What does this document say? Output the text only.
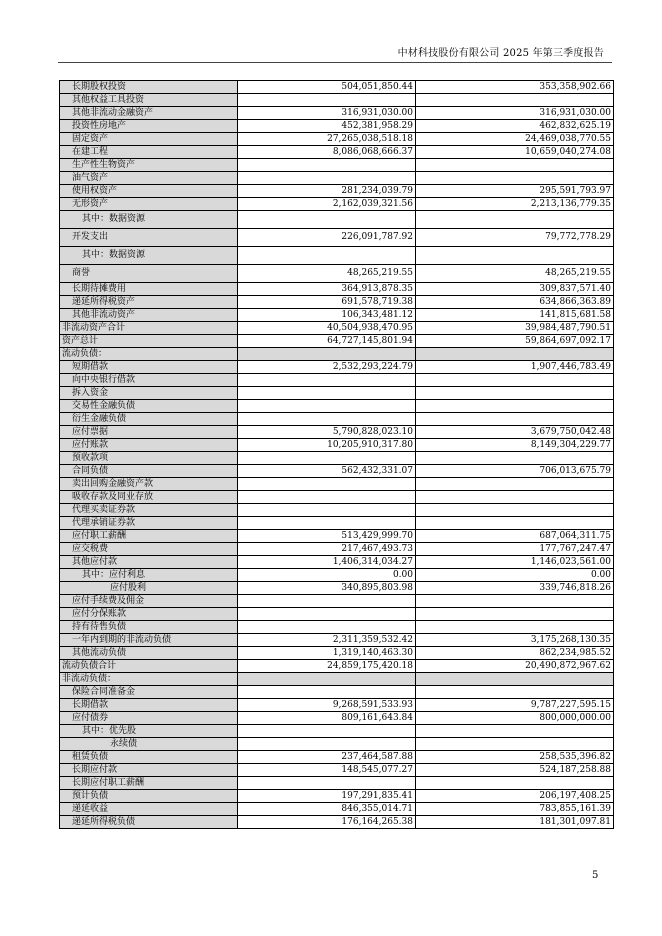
中材科技股份有限公司 2025 年第三季度报告
长期股权投资	504,051,850.44	353,358,902.66
其他权益工具投资		
其他非流动金融资产	316,931,030.00	316,931,030.00
投资性房地产	452,381,958.29	462,832,625.19
固定资产	27,265,038,518.18	24,469,038,770.55
在建工程	8,086,068,666.37	10,659,040,274.08
生产性生物资产		
油气资产		
使用权资产	281,234,039.79	295,591,793.97
无形资产	2,162,039,321.56	2,213,136,779.35
其中：数据资源		
开发支出	226,091,787.92	79,772,778.29
其中：数据资源		
商誉	48,265,219.55	48,265,219.55
长期待摊费用	364,913,878.35	309,837,571.40
递延所得税资产	691,578,719.38	634,866,363.89
其他非流动资产	106,343,481.12	141,815,681.58
非流动资产合计	40,504,938,470.95	39,984,487,790.51
资产总计	64,727,145,801.94	59,864,697,092.17
流动负债：		
短期借款	2,532,293,224.79	1,907,446,783.49
向中央银行借款		
拆入资金		
交易性金融负债		
衍生金融负债		
应付票据	5,790,828,023.10	3,679,750,042.48
应付账款	10,205,910,317.80	8,149,304,229.77
预收款项		
合同负债	562,432,331.07	706,013,675.79
卖出回购金融资产款		
吸收存款及同业存放		
代理买卖证券款		
代理承销证券款		
应付职工薪酬	513,429,999.70	687,064,311.75
应交税费	217,467,493.73	177,767,247.47
其他应付款	1,406,314,034.27	1,146,023,561.00
其中：应付利息	0.00	0.00
应付股利	340,895,803.98	339,746,818.26
应付手续费及佣金		
应付分保账款		
持有待售负债		
一年内到期的非流动负债	2,311,359,532.42	3,175,268,130.35
其他流动负债	1,319,140,463.30	862,234,985.52
流动负债合计	24,859,175,420.18	20,490,872,967.62
非流动负债：		
保险合同准备金		
长期借款	9,268,591,533.93	9,787,227,595.15
应付债券	809,161,643.84	800,000,000.00
其中：优先股		
永续债		
租赁负债	237,464,587.88	258,535,396.82
长期应付款	148,545,077.27	524,187,258.88
长期应付职工薪酬		
预计负债	197,291,835.41	206,197,408.25
递延收益	846,355,014.71	783,855,161.39
递延所得税负债	176,164,265.38	181,301,097.81
5
